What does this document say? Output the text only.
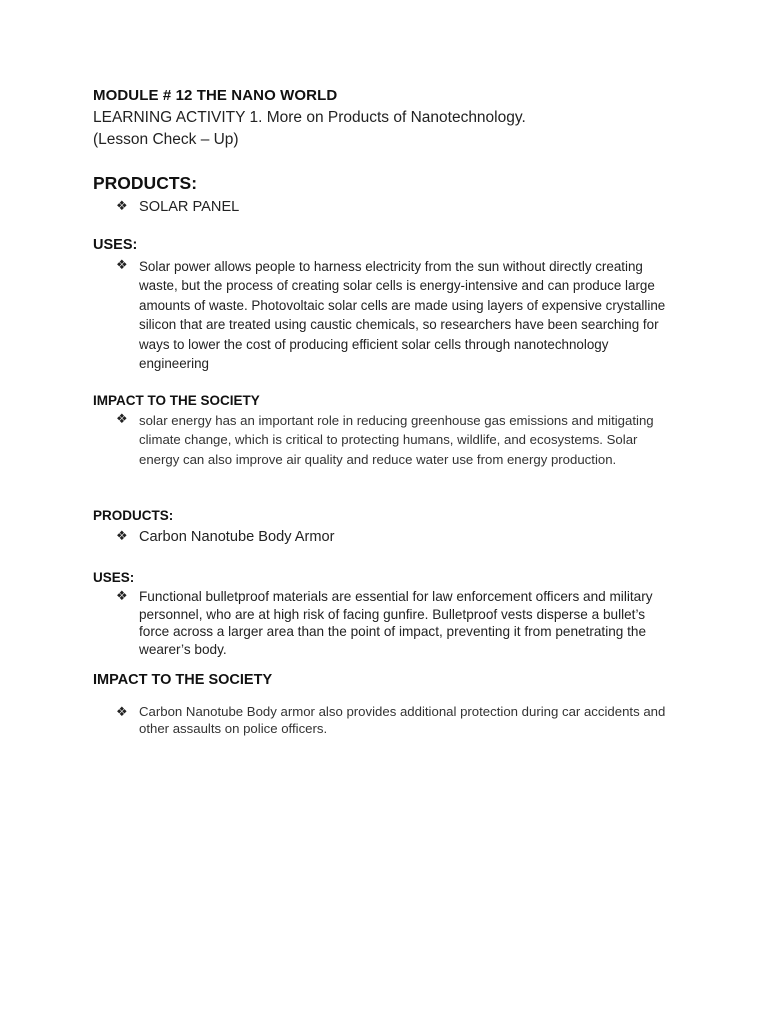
MODULE # 12 THE NANO WORLD
LEARNING ACTIVITY 1. More on Products of Nanotechnology.
(Lesson Check – Up)
PRODUCTS:
❖ SOLAR PANEL
USES:
❖ Solar power allows people to harness electricity from the sun without directly creating waste, but the process of creating solar cells is energy-intensive and can produce large amounts of waste. Photovoltaic solar cells are made using layers of expensive crystalline silicon that are treated using caustic chemicals, so researchers have been searching for ways to lower the cost of producing efficient solar cells through nanotechnology engineering
IMPACT TO THE SOCIETY
❖ solar energy has an important role in reducing greenhouse gas emissions and mitigating climate change, which is critical to protecting humans, wildlife, and ecosystems. Solar energy can also improve air quality and reduce water use from energy production.
PRODUCTS:
❖ Carbon Nanotube Body Armor
USES:
❖ Functional bulletproof materials are essential for law enforcement officers and military personnel, who are at high risk of facing gunfire. Bulletproof vests disperse a bullet’s force across a larger area than the point of impact, preventing it from penetrating the wearer’s body.
IMPACT TO THE SOCIETY
❖ Carbon Nanotube Body armor also provides additional protection during car accidents and other assaults on police officers.
